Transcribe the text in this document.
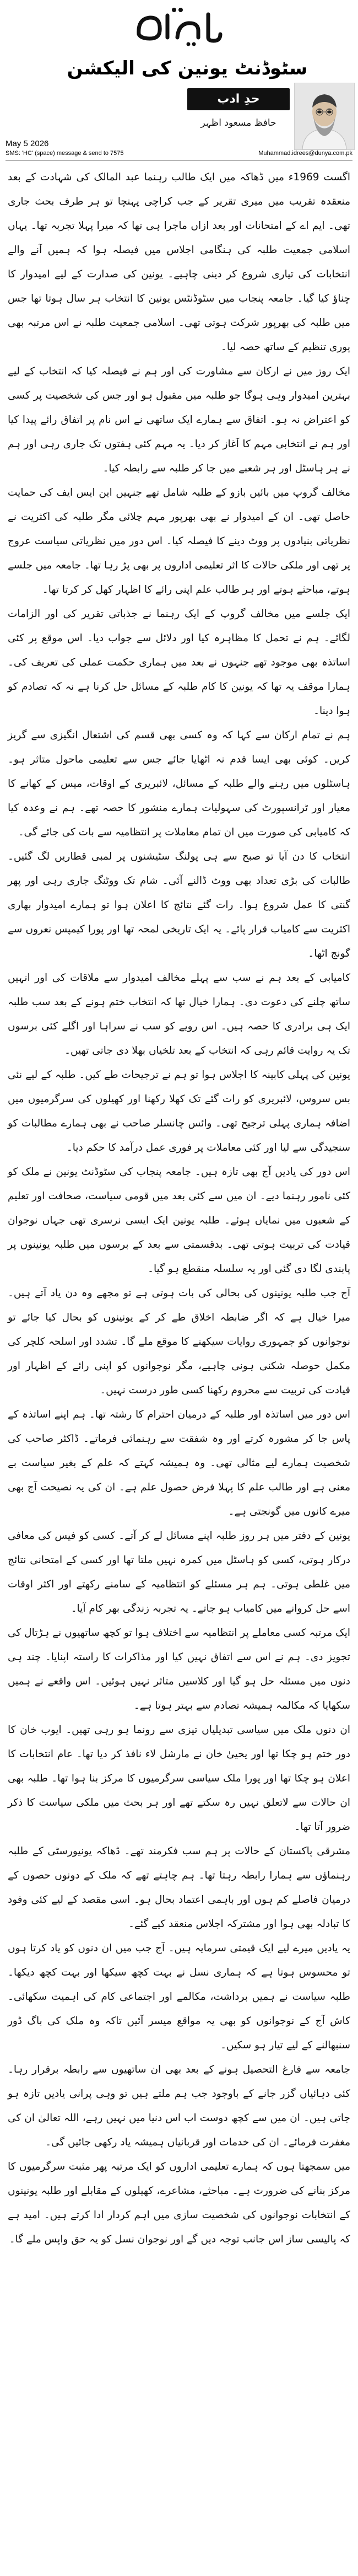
سٹوڈنٹ یونین کی الیکشن
حدِ ادب
حافظ مسعود اظہر
May 5 2026
SMS: 'HC' (space) message & send to 7575	Muhammad.idrees@dunya.com.pk

اگست 1969ء میں ڈھاکہ میں ایک طالب رہنما عبد المالک کی شہادت کے بعد منعقدہ تقریب میں میری تقریر کے جب کراچی پہنچا تو ہر طرف بحث جاری تھی۔ ایم اے کے امتحانات اور بعد ازاں ماجرا ہی تھا کہ میرا پہلا تجربہ تھا۔ یہاں اسلامی جمعیت طلبہ کی ہنگامی اجلاس میں فیصلہ ہوا کہ ہمیں آنے والے انتخابات کی تیاری شروع کر دینی چاہیے۔ یونین کی صدارت کے لیے امیدوار کا چناؤ کیا گیا۔ جامعہ پنجاب میں سٹوڈنٹس یونین کا انتخاب ہر سال ہوتا تھا جس میں طلبہ کی بھرپور شرکت ہوتی تھی۔ اسلامی جمعیت طلبہ نے اس مرتبہ بھی پوری تنظیم کے ساتھ حصہ لیا۔

ایک روز میں نے ارکان سے مشاورت کی اور ہم نے فیصلہ کیا کہ انتخاب کے لیے بہترین امیدوار وہی ہوگا جو طلبہ میں مقبول ہو اور جس کی شخصیت پر کسی کو اعتراض نہ ہو۔ اتفاق سے ہمارے ایک ساتھی نے اس نام پر اتفاق رائے پیدا کیا اور ہم نے انتخابی مہم کا آغاز کر دیا۔ یہ مہم کئی ہفتوں تک جاری رہی اور ہم نے ہر ہاسٹل اور ہر شعبے میں جا کر طلبہ سے رابطہ کیا۔

مخالف گروپ میں بائیں بازو کے طلبہ شامل تھے جنہیں این ایس ایف کی حمایت حاصل تھی۔ ان کے امیدوار نے بھی بھرپور مہم چلائی مگر طلبہ کی اکثریت نے نظریاتی بنیادوں پر ووٹ دینے کا فیصلہ کیا۔ اس دور میں نظریاتی سیاست عروج پر تھی اور ملکی حالات کا اثر تعلیمی اداروں پر بھی پڑ رہا تھا۔ جامعہ میں جلسے ہوتے، مباحثے ہوتے اور ہر طالب علم اپنی رائے کا اظہار کھل کر کرتا تھا۔

ایک جلسے میں مخالف گروپ کے ایک رہنما نے جذباتی تقریر کی اور الزامات لگائے۔ ہم نے تحمل کا مظاہرہ کیا اور دلائل سے جواب دیا۔ اس موقع پر کئی اساتذہ بھی موجود تھے جنہوں نے بعد میں ہماری حکمت عملی کی تعریف کی۔ ہمارا موقف یہ تھا کہ یونین کا کام طلبہ کے مسائل حل کرنا ہے نہ کہ تصادم کو ہوا دینا۔

ہم نے تمام ارکان سے کہا کہ وہ کسی بھی قسم کی اشتعال انگیزی سے گریز کریں۔ کوئی بھی ایسا قدم نہ اٹھایا جائے جس سے تعلیمی ماحول متاثر ہو۔ ہاسٹلوں میں رہنے والے طلبہ کے مسائل، لائبریری کے اوقات، میس کے کھانے کا معیار اور ٹرانسپورٹ کی سہولیات ہمارے منشور کا حصہ تھے۔ ہم نے وعدہ کیا کہ کامیابی کی صورت میں ان تمام معاملات پر انتظامیہ سے بات کی جائے گی۔

انتخاب کا دن آیا تو صبح سے ہی پولنگ سٹیشنوں پر لمبی قطاریں لگ گئیں۔ طالبات کی بڑی تعداد بھی ووٹ ڈالنے آئی۔ شام تک ووٹنگ جاری رہی اور پھر گنتی کا عمل شروع ہوا۔ رات گئے نتائج کا اعلان ہوا تو ہمارے امیدوار بھاری اکثریت سے کامیاب قرار پائے۔ یہ ایک تاریخی لمحہ تھا اور پورا کیمپس نعروں سے گونج اٹھا۔

کامیابی کے بعد ہم نے سب سے پہلے مخالف امیدوار سے ملاقات کی اور انہیں ساتھ چلنے کی دعوت دی۔ ہمارا خیال تھا کہ انتخاب ختم ہونے کے بعد سب طلبہ ایک ہی برادری کا حصہ ہیں۔ اس رویے کو سب نے سراہا اور اگلے کئی برسوں تک یہ روایت قائم رہی کہ انتخاب کے بعد تلخیاں بھلا دی جاتی تھیں۔

یونین کی پہلی کابینہ کا اجلاس ہوا تو ہم نے ترجیحات طے کیں۔ طلبہ کے لیے نئی بس سروس، لائبریری کو رات گئے تک کھلا رکھنا اور کھیلوں کی سرگرمیوں میں اضافہ ہماری پہلی ترجیح تھی۔ وائس چانسلر صاحب نے بھی ہمارے مطالبات کو سنجیدگی سے لیا اور کئی معاملات پر فوری عمل درآمد کا حکم دیا۔

اس دور کی یادیں آج بھی تازہ ہیں۔ جامعہ پنجاب کی سٹوڈنٹ یونین نے ملک کو کئی نامور رہنما دیے۔ ان میں سے کئی بعد میں قومی سیاست، صحافت اور تعلیم کے شعبوں میں نمایاں ہوئے۔ طلبہ یونین ایک ایسی نرسری تھی جہاں نوجوان قیادت کی تربیت ہوتی تھی۔ بدقسمتی سے بعد کے برسوں میں طلبہ یونینوں پر پابندی لگا دی گئی اور یہ سلسلہ منقطع ہو گیا۔

آج جب طلبہ یونینوں کی بحالی کی بات ہوتی ہے تو مجھے وہ دن یاد آتے ہیں۔ میرا خیال ہے کہ اگر ضابطہ اخلاق طے کر کے یونینوں کو بحال کیا جائے تو نوجوانوں کو جمہوری روایات سیکھنے کا موقع ملے گا۔ تشدد اور اسلحہ کلچر کی مکمل حوصلہ شکنی ہونی چاہیے، مگر نوجوانوں کو اپنی رائے کے اظہار اور قیادت کی تربیت سے محروم رکھنا کسی طور درست نہیں۔

اس دور میں اساتذہ اور طلبہ کے درمیان احترام کا رشتہ تھا۔ ہم اپنے اساتذہ کے پاس جا کر مشورہ کرتے اور وہ شفقت سے رہنمائی فرماتے۔ ڈاکٹر صاحب کی شخصیت ہمارے لیے مثالی تھی۔ وہ ہمیشہ کہتے کہ علم کے بغیر سیاست بے معنی ہے اور طالب علم کا پہلا فرض حصول علم ہے۔ ان کی یہ نصیحت آج بھی میرے کانوں میں گونجتی ہے۔

یونین کے دفتر میں ہر روز طلبہ اپنے مسائل لے کر آتے۔ کسی کو فیس کی معافی درکار ہوتی، کسی کو ہاسٹل میں کمرہ نہیں ملتا تھا اور کسی کے امتحانی نتائج میں غلطی ہوتی۔ ہم ہر مسئلے کو انتظامیہ کے سامنے رکھتے اور اکثر اوقات اسے حل کروانے میں کامیاب ہو جاتے۔ یہ تجربہ زندگی بھر کام آیا۔

ایک مرتبہ کسی معاملے پر انتظامیہ سے اختلاف ہوا تو کچھ ساتھیوں نے ہڑتال کی تجویز دی۔ ہم نے اس سے اتفاق نہیں کیا اور مذاکرات کا راستہ اپنایا۔ چند ہی دنوں میں مسئلہ حل ہو گیا اور کلاسیں متاثر نہیں ہوئیں۔ اس واقعے نے ہمیں سکھایا کہ مکالمہ ہمیشہ تصادم سے بہتر ہوتا ہے۔

ان دنوں ملک میں سیاسی تبدیلیاں تیزی سے رونما ہو رہی تھیں۔ ایوب خان کا دور ختم ہو چکا تھا اور یحییٰ خان نے مارشل لاء نافذ کر دیا تھا۔ عام انتخابات کا اعلان ہو چکا تھا اور پورا ملک سیاسی سرگرمیوں کا مرکز بنا ہوا تھا۔ طلبہ بھی ان حالات سے لاتعلق نہیں رہ سکتے تھے اور ہر بحث میں ملکی سیاست کا ذکر ضرور آتا تھا۔

مشرقی پاکستان کے حالات پر ہم سب فکرمند تھے۔ ڈھاکہ یونیورسٹی کے طلبہ رہنماؤں سے ہمارا رابطہ رہتا تھا۔ ہم چاہتے تھے کہ ملک کے دونوں حصوں کے درمیان فاصلے کم ہوں اور باہمی اعتماد بحال ہو۔ اسی مقصد کے لیے کئی وفود کا تبادلہ بھی ہوا اور مشترکہ اجلاس منعقد کیے گئے۔

یہ یادیں میرے لیے ایک قیمتی سرمایہ ہیں۔ آج جب میں ان دنوں کو یاد کرتا ہوں تو محسوس ہوتا ہے کہ ہماری نسل نے بہت کچھ سیکھا اور بہت کچھ دیکھا۔ طلبہ سیاست نے ہمیں برداشت، مکالمے اور اجتماعی کام کی اہمیت سکھائی۔ کاش آج کے نوجوانوں کو بھی یہ مواقع میسر آئیں تاکہ وہ ملک کی باگ ڈور سنبھالنے کے لیے تیار ہو سکیں۔

جامعہ سے فارغ التحصیل ہونے کے بعد بھی ان ساتھیوں سے رابطہ برقرار رہا۔ کئی دہائیاں گزر جانے کے باوجود جب ہم ملتے ہیں تو وہی پرانی یادیں تازہ ہو جاتی ہیں۔ ان میں سے کچھ دوست اب اس دنیا میں نہیں رہے، اللہ تعالیٰ ان کی مغفرت فرمائے۔ ان کی خدمات اور قربانیاں ہمیشہ یاد رکھی جائیں گی۔

میں سمجھتا ہوں کہ ہمارے تعلیمی اداروں کو ایک مرتبہ پھر مثبت سرگرمیوں کا مرکز بنانے کی ضرورت ہے۔ مباحثے، مشاعرے، کھیلوں کے مقابلے اور طلبہ یونینوں کے انتخابات نوجوانوں کی شخصیت سازی میں اہم کردار ادا کرتے ہیں۔ امید ہے کہ پالیسی ساز اس جانب توجہ دیں گے اور نوجوان نسل کو یہ حق واپس ملے گا۔
